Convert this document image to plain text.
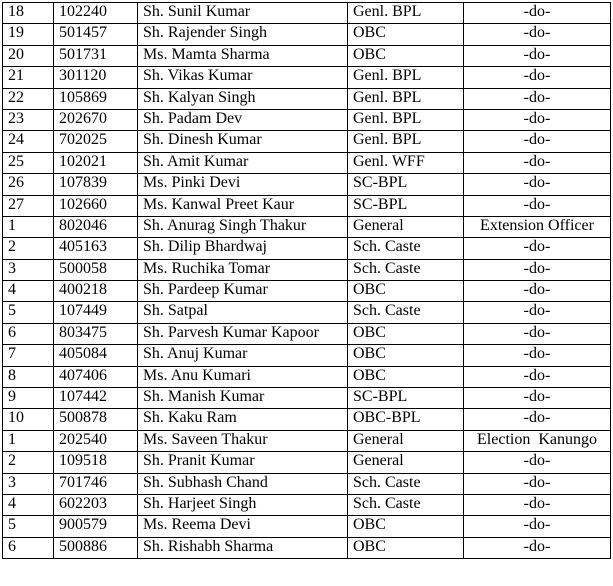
18	102240	Sh. Sunil Kumar	Genl. BPL	-do-
19	501457	Sh. Rajender Singh	OBC	-do-
20	501731	Ms. Mamta Sharma	OBC	-do-
21	301120	Sh. Vikas Kumar	Genl. BPL	-do-
22	105869	Sh. Kalyan Singh	Genl. BPL	-do-
23	202670	Sh. Padam Dev	Genl. BPL	-do-
24	702025	Sh. Dinesh Kumar	Genl. BPL	-do-
25	102021	Sh. Amit Kumar	Genl. WFF	-do-
26	107839	Ms. Pinki Devi	SC-BPL	-do-
27	102660	Ms. Kanwal Preet Kaur	SC-BPL	-do-
1	802046	Sh. Anurag Singh Thakur	General	Extension Officer
2	405163	Sh. Dilip Bhardwaj	Sch. Caste	-do-
3	500058	Ms. Ruchika Tomar	Sch. Caste	-do-
4	400218	Sh. Pardeep Kumar	OBC	-do-
5	107449	Sh. Satpal	Sch. Caste	-do-
6	803475	Sh. Parvesh Kumar Kapoor	OBC	-do-
7	405084	Sh. Anuj Kumar	OBC	-do-
8	407406	Ms. Anu Kumari	OBC	-do-
9	107442	Sh. Manish Kumar	SC-BPL	-do-
10	500878	Sh. Kaku Ram	OBC-BPL	-do-
1	202540	Ms. Saveen Thakur	General	Election  Kanungo
2	109518	Sh. Pranit Kumar	General	-do-
3	701746	Sh. Subhash Chand	Sch. Caste	-do-
4	602203	Sh. Harjeet Singh	Sch. Caste	-do-
5	900579	Ms. Reema Devi	OBC	-do-
6	500886	Sh. Rishabh Sharma	OBC	-do-
